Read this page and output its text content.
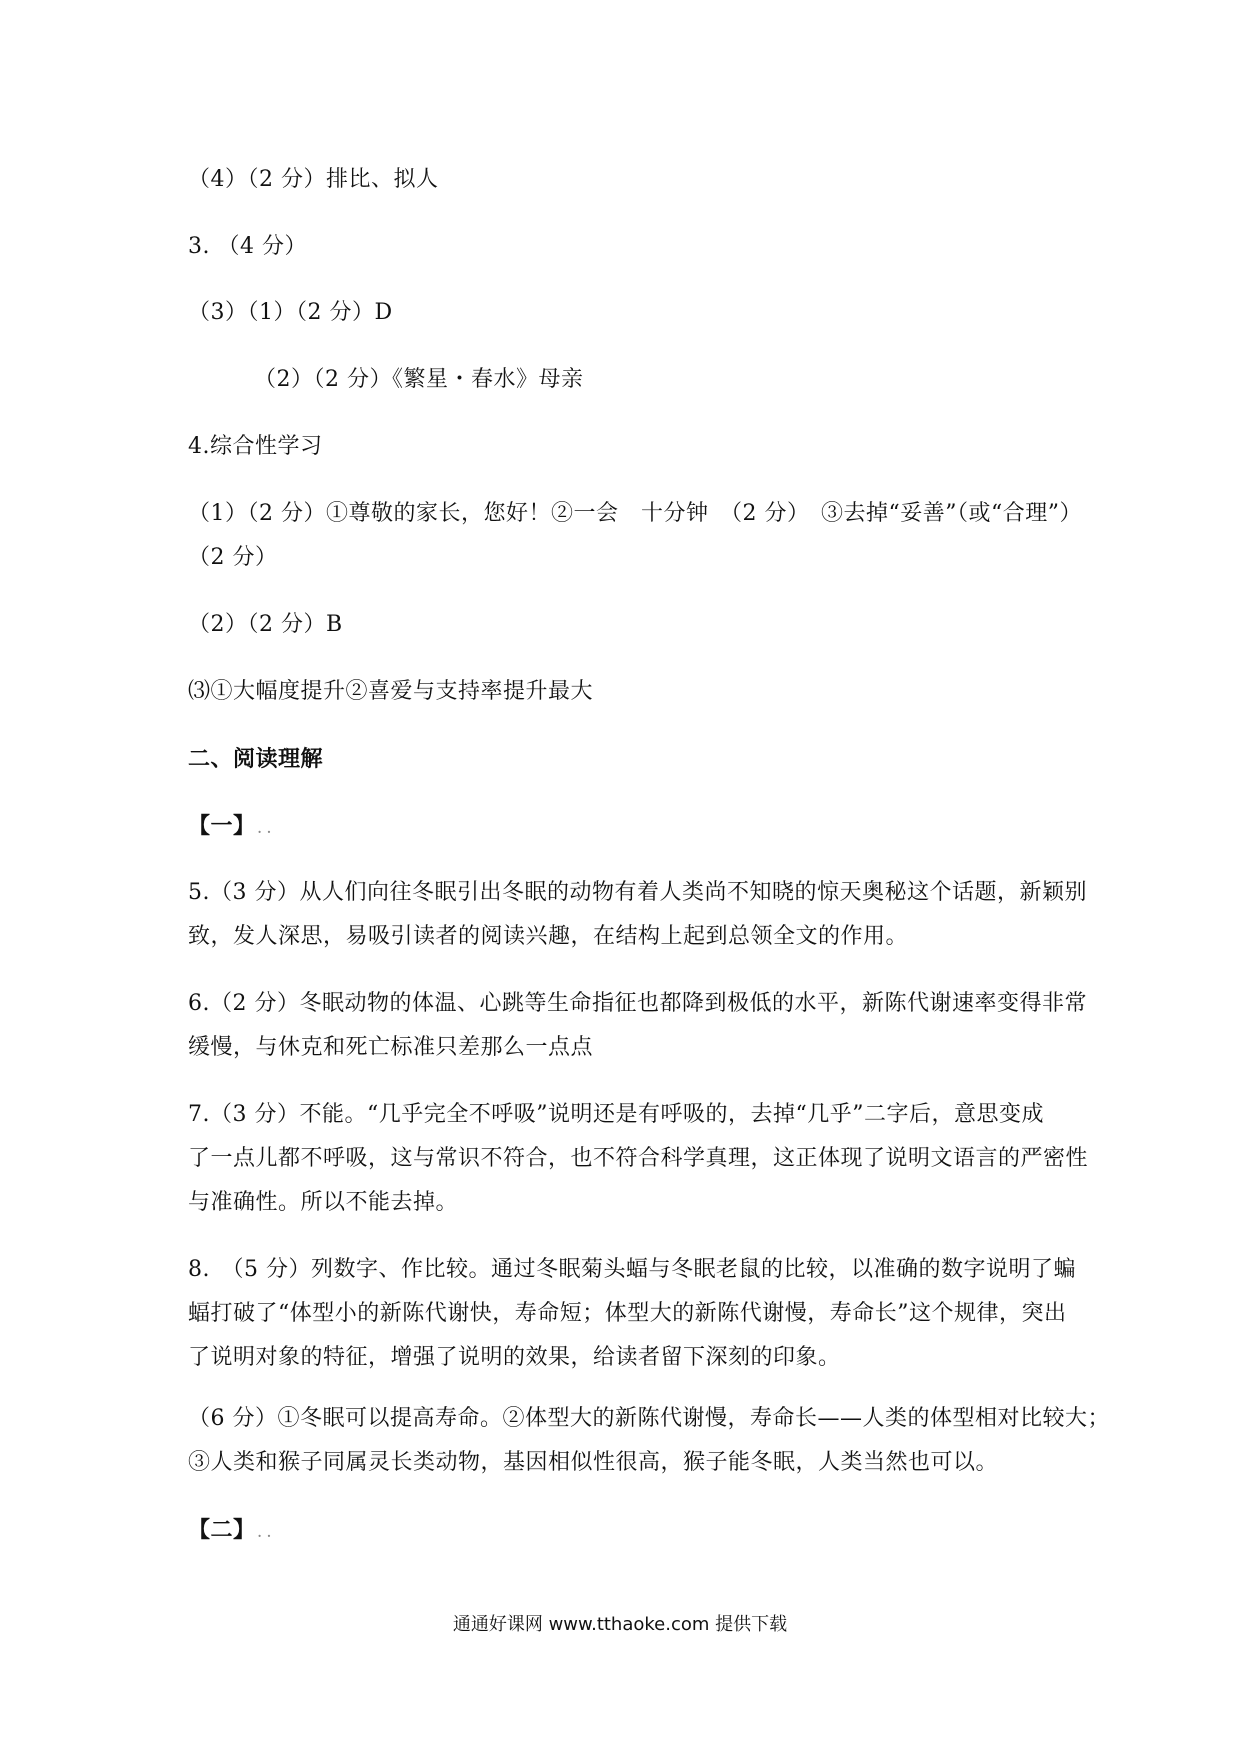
（4）（2 分）排比、拟人
3. （4 分）
（3）（1）（2 分）D
（2）（2 分）《繁星・春水》母亲
4.综合性学习
（1）（2 分）①尊敬的家长，您好！②一会　十分钟　（2 分）　③去掉“妥善”（或“合理”）
（2 分）
（2）（2 分）B
⑶①大幅度提升②喜爱与支持率提升最大
二、阅读理解
【一】 . .
5.（3 分）从人们向往冬眠引出冬眠的动物有着人类尚不知晓的惊天奥秘这个话题，新颖别
致，发人深思，易吸引读者的阅读兴趣，在结构上起到总领全文的作用。
6.（2 分）冬眠动物的体温、心跳等生命指征也都降到极低的水平，新陈代谢速率变得非常
缓慢，与休克和死亡标准只差那么一点点
7.（3 分）不能。“几乎完全不呼吸”说明还是有呼吸的，去掉“几乎”二字后，意思变成
了一点儿都不呼吸，这与常识不符合，也不符合科学真理，这正体现了说明文语言的严密性
与准确性。所以不能去掉。
8.　（5 分）列数字、作比较。通过冬眠菊头蝠与冬眠老鼠的比较，以准确的数字说明了蝙
蝠打破了“体型小的新陈代谢快，寿命短；体型大的新陈代谢慢，寿命长”这个规律，突出
了说明对象的特征，增强了说明的效果，给读者留下深刻的印象。
（6 分）①冬眠可以提高寿命。②体型大的新陈代谢慢，寿命长——人类的体型相对比较大；
③人类和猴子同属灵长类动物，基因相似性很高，猴子能冬眠，人类当然也可以。
【二】 . .
通通好课网 www.tthaoke.com 提供下载
